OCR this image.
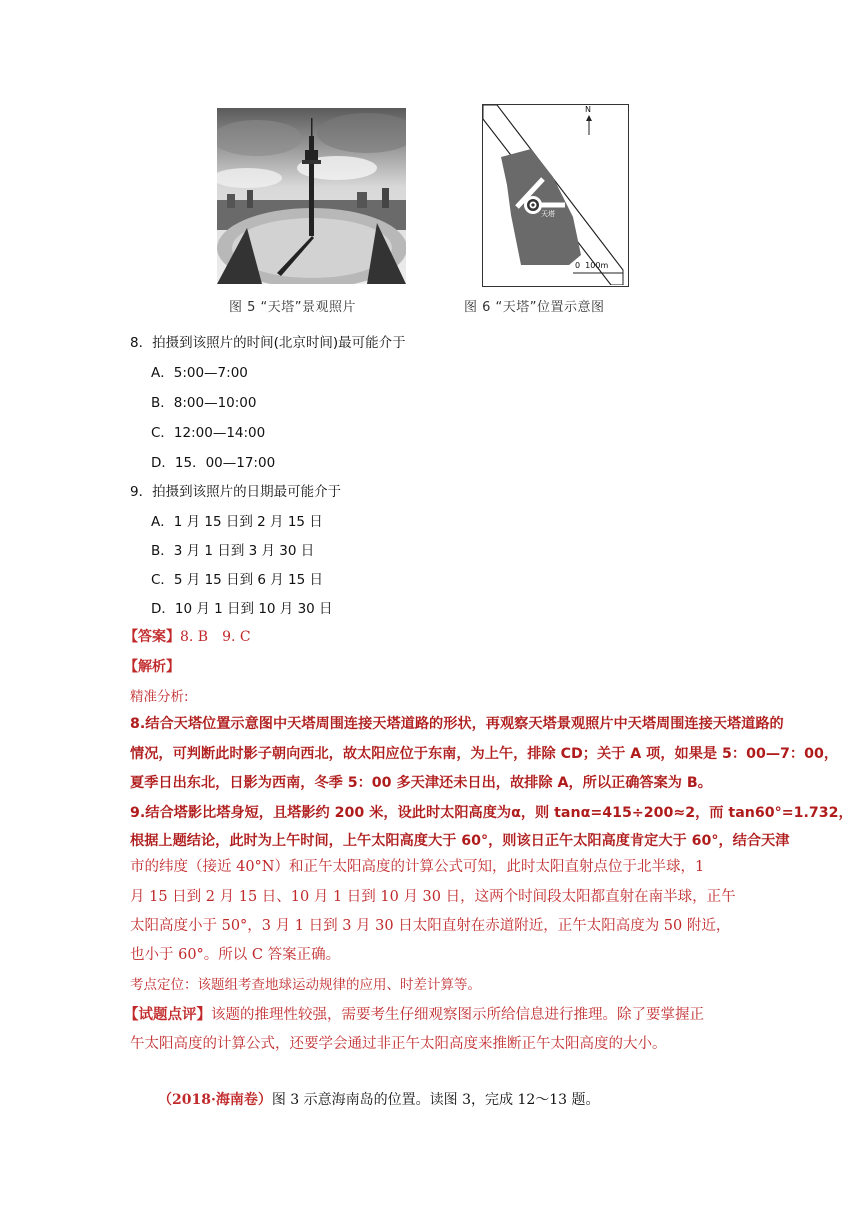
N
天塔
0  100m
图 5 “天塔”景观照片	图 6 “天塔”位置示意图
8．拍摄到该照片的时间(北京时间)最可能介于
A．5:00—7:00
B．8:00—10:00
C．12:00—14:00
D．15．00—17:00
9．拍摄到该照片的日期最可能介于
A．1 月 15 日到 2 月 15 日
B．3 月 1 日到 3 月 30 日
C．5 月 15 日到 6 月 15 日
D．10 月 1 日到 10 月 30 日
【答案】8. B　9. C
【解析】
精准分析:
8.结合天塔位置示意图中天塔周围连接天塔道路的形状，再观察天塔景观照片中天塔周围连接天塔道路的
情况，可判断此时影子朝向西北，故太阳应位于东南，为上午，排除 CD；关于 A 项，如果是 5：00—7：00，
夏季日出东北，日影为西南，冬季 5：00 多天津还未日出，故排除 A，所以正确答案为 B。
9.结合塔影比塔身短，且塔影约 200 米，设此时太阳高度为α，则 tanα=415÷200≈2，而 tan60°=1.732，
根据上题结论，此时为上午时间，上午太阳高度大于 60°，则该日正午太阳高度肯定大于 60°，结合天津
市的纬度（接近 40°N）和正午太阳高度的计算公式可知，此时太阳直射点位于北半球，1
月 15 日到 2 月 15 日、10 月 1 日到 10 月 30 日，这两个时间段太阳都直射在南半球，正午
太阳高度小于 50°，3 月 1 日到 3 月 30 日太阳直射在赤道附近，正午太阳高度为 50 附近，
也小于 60°。所以 C 答案正确。
考点定位：该题组考查地球运动规律的应用、时差计算等。
【试题点评】该题的推理性较强，需要考生仔细观察图示所给信息进行推理。除了要掌握正
午太阳高度的计算公式，还要学会通过非正午太阳高度来推断正午太阳高度的大小。
（2018·海南卷）图 3 示意海南岛的位置。读图 3，完成 12～13 题。
